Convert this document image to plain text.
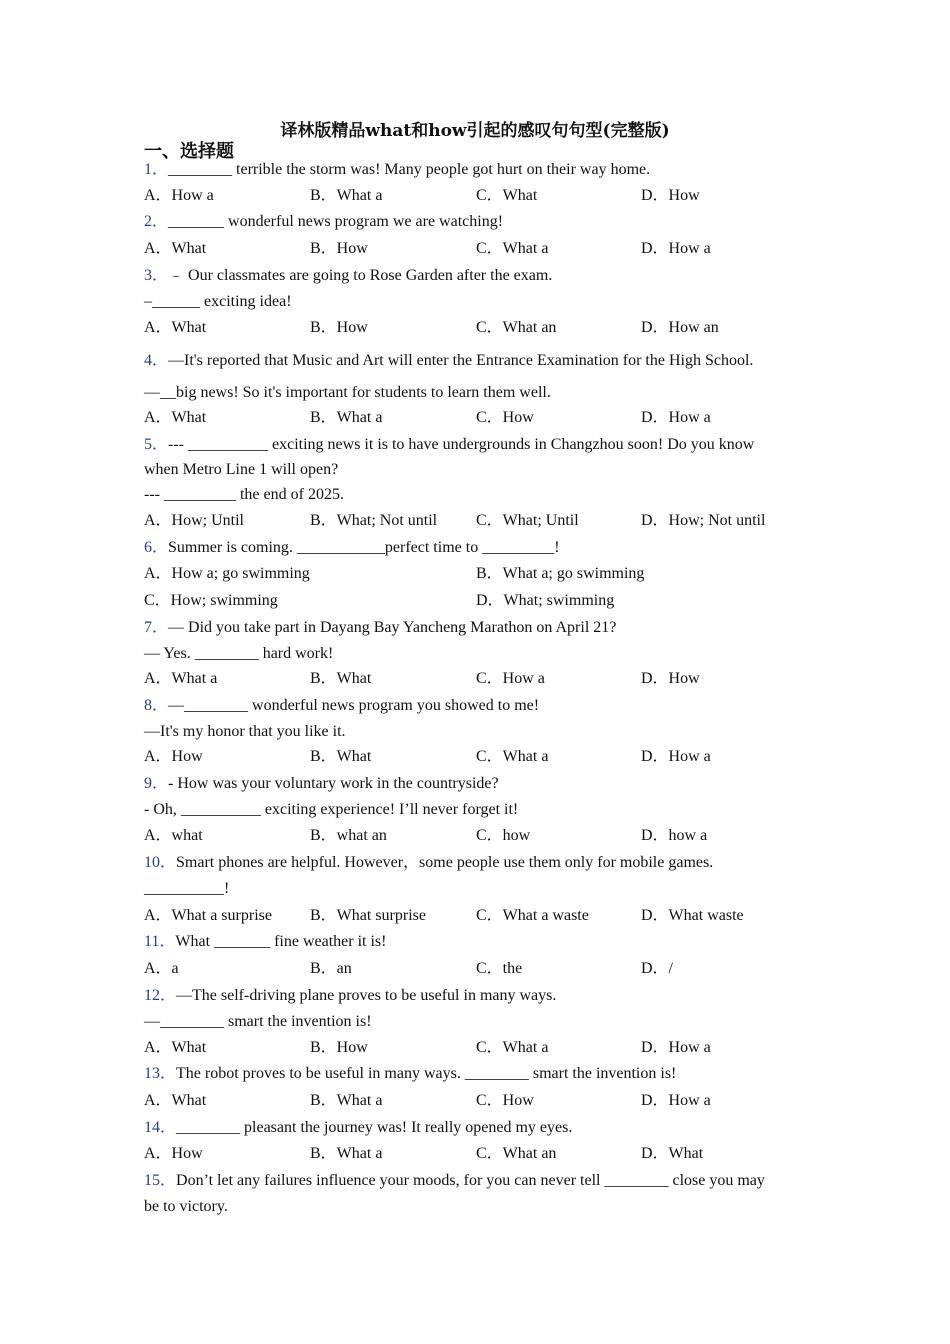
译林版精品what和how引起的感叹句句型(完整版)
一、选择题
1．________ terrible the storm was! Many people got hurt on their way home.
A．How a	B．What a	C．What	D．How
2．_______ wonderful news program we are watching!
A．What	B．How	C．What a	D．How a
3．﹣ Our classmates are going to Rose Garden after the exam.
–______ exciting idea!
A．What	B．How	C．What an	D．How an
4．—It's reported that Music and Art will enter the Entrance Examination for the High School.
—__big news! So it's important for students to learn them well.
A．What	B．What a	C．How	D．How a
5．--- __________ exciting news it is to have undergrounds in Changzhou soon! Do you know
when Metro Line 1 will open?
--- _________ the end of 2025.
A．How; Until	B．What; Not until C．What; Until	D．How; Not until
6．Summer is coming. ___________perfect time to _________!
A．How a; go swimming	B．What a; go swimming
C．How; swimming	D．What; swimming
7．— Did you take part in Dayang Bay Yancheng Marathon on April 21?
— Yes. ________ hard work!
A．What a	B．What	C．How a	D．How
8．—________ wonderful news program you showed to me!
—It's my honor that you like it.
A．How	B．What	C．What a	D．How a
9．- How was your voluntary work in the countryside?
- Oh, __________ exciting experience! I’ll never forget it!
A．what	B．what an	C．how	D．how a
10．Smart phones are helpful. However，some people use them only for mobile games.
__________!
A．What a surprise B．What surprise	C．What a waste	D．What waste
11．What _______ fine weather it is!
A．a	B．an	C．the	D．/
12．—The self-driving plane proves to be useful in many ways.
—________ smart the invention is!
A．What	B．How	C．What a	D．How a
13．The robot proves to be useful in many ways. ________ smart the invention is!
A．What	B．What a	C．How	D．How a
14．________ pleasant the journey was! It really opened my eyes.
A．How	B．What a	C．What an	D．What
15．Don’t let any failures influence your moods, for you can never tell ________ close you may
be to victory.
